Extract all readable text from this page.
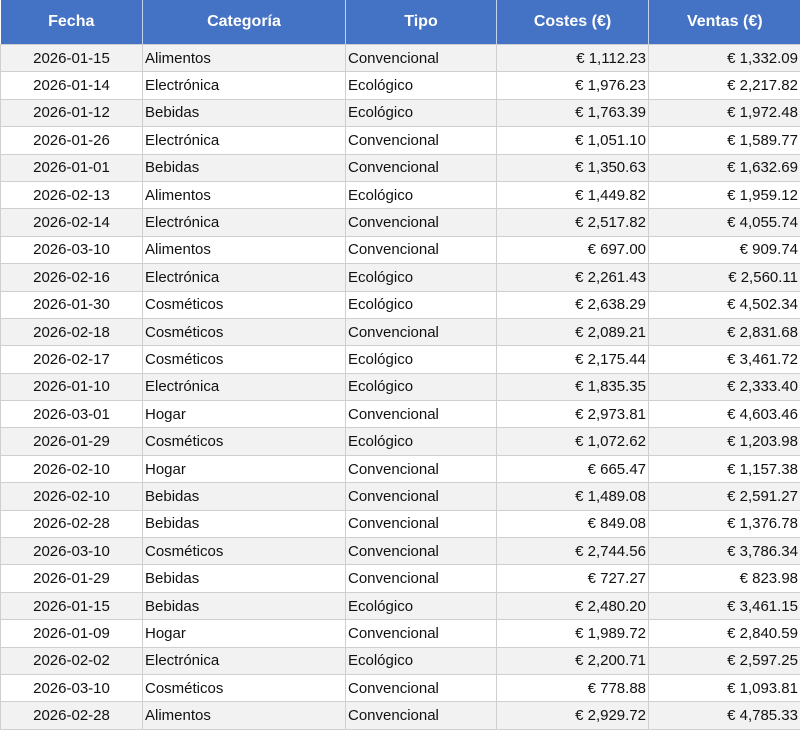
Fecha	Categoría	Tipo	Costes (€)	Ventas (€)
2026-01-15	Alimentos	Convencional	€ 1,112.23	€ 1,332.09
2026-01-14	Electrónica	Ecológico	€ 1,976.23	€ 2,217.82
2026-01-12	Bebidas	Ecológico	€ 1,763.39	€ 1,972.48
2026-01-26	Electrónica	Convencional	€ 1,051.10	€ 1,589.77
2026-01-01	Bebidas	Convencional	€ 1,350.63	€ 1,632.69
2026-02-13	Alimentos	Ecológico	€ 1,449.82	€ 1,959.12
2026-02-14	Electrónica	Convencional	€ 2,517.82	€ 4,055.74
2026-03-10	Alimentos	Convencional	€ 697.00	€ 909.74
2026-02-16	Electrónica	Ecológico	€ 2,261.43	€ 2,560.11
2026-01-30	Cosméticos	Ecológico	€ 2,638.29	€ 4,502.34
2026-02-18	Cosméticos	Convencional	€ 2,089.21	€ 2,831.68
2026-02-17	Cosméticos	Ecológico	€ 2,175.44	€ 3,461.72
2026-01-10	Electrónica	Ecológico	€ 1,835.35	€ 2,333.40
2026-03-01	Hogar	Convencional	€ 2,973.81	€ 4,603.46
2026-01-29	Cosméticos	Ecológico	€ 1,072.62	€ 1,203.98
2026-02-10	Hogar	Convencional	€ 665.47	€ 1,157.38
2026-02-10	Bebidas	Convencional	€ 1,489.08	€ 2,591.27
2026-02-28	Bebidas	Convencional	€ 849.08	€ 1,376.78
2026-03-10	Cosméticos	Convencional	€ 2,744.56	€ 3,786.34
2026-01-29	Bebidas	Convencional	€ 727.27	€ 823.98
2026-01-15	Bebidas	Ecológico	€ 2,480.20	€ 3,461.15
2026-01-09	Hogar	Convencional	€ 1,989.72	€ 2,840.59
2026-02-02	Electrónica	Ecológico	€ 2,200.71	€ 2,597.25
2026-03-10	Cosméticos	Convencional	€ 778.88	€ 1,093.81
2026-02-28	Alimentos	Convencional	€ 2,929.72	€ 4,785.33
